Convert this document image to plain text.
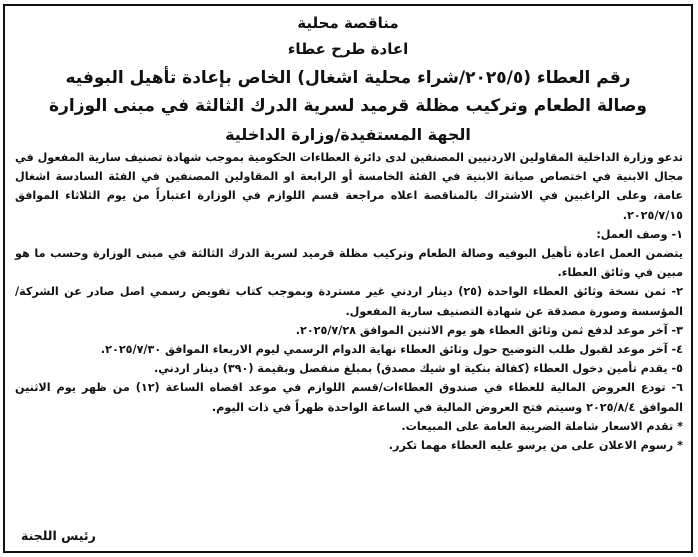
مناقصة محلية
اعادة طرح عطاء
رقم العطاء (٢٠٢٥/٥/شراء محلية اشغال) الخاص بإعادة تأهيل البوفيه
وصالة الطعام وتركيب مظلة قرميد لسرية الدرك الثالثة في مبنى الوزارة
الجهة المستفيدة/وزارة الداخلية

تدعو وزارة الداخلية المقاولين الاردنيين المصنفين لدى دائرة العطاءات الحكومية بموجب شهادة تصنيف سارية المفعول في مجال الابنية في اختصاص صيانة الابنية في الفئة الخامسة أو الرابعة او المقاولين المصنفين في الفئة السادسة اشغال عامة، وعلى الراغبين في الاشتراك بالمناقصة اعلاه مراجعة قسم اللوازم في الوزارة اعتباراً من يوم الثلاثاء الموافق ٢٠٢٥/٧/١٥.

١- وصف العمل:

يتضمن العمل اعادة تأهيل البوفيه وصالة الطعام وتركيب مظلة قرميد لسرية الدرك الثالثة في مبنى الوزارة وحسب ما هو مبين في وثائق العطاء.

٢- ثمن نسخة وثائق العطاء الواحدة (٢٥) دينار اردني غير مستردة وبموجب كتاب تفويض رسمي اصل صادر عن الشركة/ المؤسسة وصورة مصدقة عن شهادة التصنيف سارية المفعول.

٣- آخر موعد لدفع ثمن وثائق العطاء هو يوم الاثنين الموافق ٢٠٢٥/٧/٢٨.

٤- آخر موعد لقبول طلب التوضيح حول وثائق العطاء نهاية الدوام الرسمي ليوم الاربعاء الموافق ٢٠٢٥/٧/٣٠.

٥- يقدم تأمين دخول العطاء (كفالة بنكية او شيك مصدق) بمبلغ منفصل وبقيمة (٣٩٠) دينار اردني.

٦- تودع العروض المالية للعطاء في صندوق العطاءات/قسم اللوازم في موعد اقصاه الساعة (١٢) من ظهر يوم الاثنين الموافق ٢٠٢٥/٨/٤ وسيتم فتح العروض المالية في الساعة الواحدة ظهراً في ذات اليوم.

* تقدم الاسعار شاملة الضريبة العامة على المبيعات.

* رسوم الاعلان على من يرسو عليه العطاء مهما تكرر.

رئيس اللجنة
